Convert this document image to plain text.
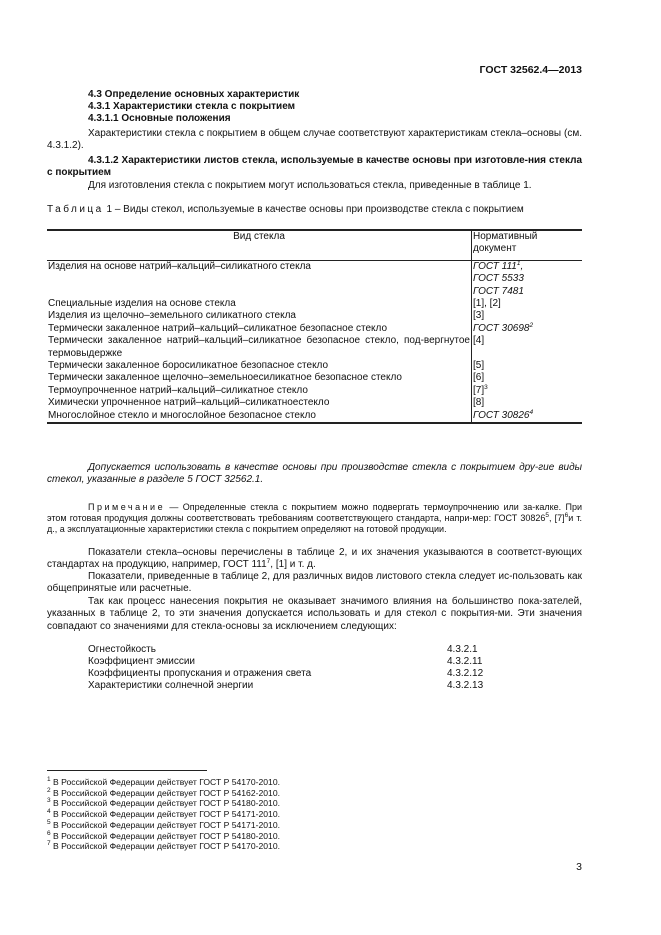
ГОСТ 32562.4—2013
4.3 Определение основных характеристик
4.3.1 Характеристики стекла с покрытием
4.3.1.1 Основные положения
Характеристики стекла с покрытием в общем случае соответствуют характеристикам стекла–основы (см. 4.3.1.2).
4.3.1.2 Характеристики листов стекла, используемые в качестве основы при изготовле-ния стекла с покрытием
Для изготовления стекла с покрытием могут использоваться стекла, приведенные в таблице 1.
Таблица 1 – Виды стекол, используемые в качестве основы при производстве стекла с покрытием
Вид стекла	Нормативный документ
Изделия на основе натрий–кальций–силикатного стекла	ГОСТ $111^1$,
ГОСТ 5533
ГОСТ 7481

Специальные изделия на основе стекла	[1], [2]

Изделия из щелочно–земельного силикатного стекла	[3]

Термически закаленное натрий–кальций–силикатное безопасное стекло	ГОСТ 30698$^2$

Термически закаленное натрий–кальций–силикатное безопасное стекло, под-вергнутое термовыдержке	[4]

Термически закаленное боросиликатное безопасное стекло	[5]

Термически закаленное щелочно–земельноесиликатное безопасное стекло	[6]

Термоупрочненное натрий–кальций–силикатное стекло	$[7]^3$

Химически упрочненное натрий–кальций–силикатноестекло	[8]

Многослойное стекло и многослойное безопасное стекло	ГОСТ 30826$^4$
Допускается использовать в качестве основы при производстве стекла с покрытием дру-гие виды стекол, указанные в разделе 5 ГОСТ 32562.1.
Примечание — Определенные стекла с покрытием можно подвергать термоупрочнению или за-калке. При этом готовая продукция должны соответствовать требованиям соответствующего стандарта, напри-мер: ГОСТ 30826$^5$, $[7]^6и$ т. д., а эксплуатационные характеристики стекла с покрытием определяют на готовой продукции.
Показатели стекла–основы перечислены в таблице 2, и их значения указываются в соответст-вующих стандартах на продукцию, например, ГОСТ $111^7$, [1] и т. д.
Показатели, приведенные в таблице 2, для различных видов листового стекла следует ис-пользовать как общепринятые или расчетные.
Так как процесс нанесения покрытия не оказывает значимого влияния на большинство пока-зателей, указанных в таблице 2, то эти значения допускается использовать и для стекол с покрытия-ми. Эти значения совпадают со значениями для стекла-основы за исключением следующих:
Огнестойкость	4.3.2.1
Коэффициент эмиссии	4.3.2.11
Коэффициенты пропускания и отражения света	4.3.2.12
Характеристики солнечной энергии	4.3.2.13
$^1$ В Российской Федерации действует ГОСТ Р 54170-2010.
$^2$ В Российской Федерации действует ГОСТ Р 54162-2010.
$^3$ В Российской Федерации действует ГОСТ Р 54180-2010.
$^4$ В Российской Федерации действует ГОСТ Р 54171-2010.
$^5$ В Российской Федерации действует ГОСТ Р 54171-2010.
$^6$ В Российской Федерации действует ГОСТ Р 54180-2010.
$^7$ В Российской Федерации действует ГОСТ Р 54170-2010.
3
